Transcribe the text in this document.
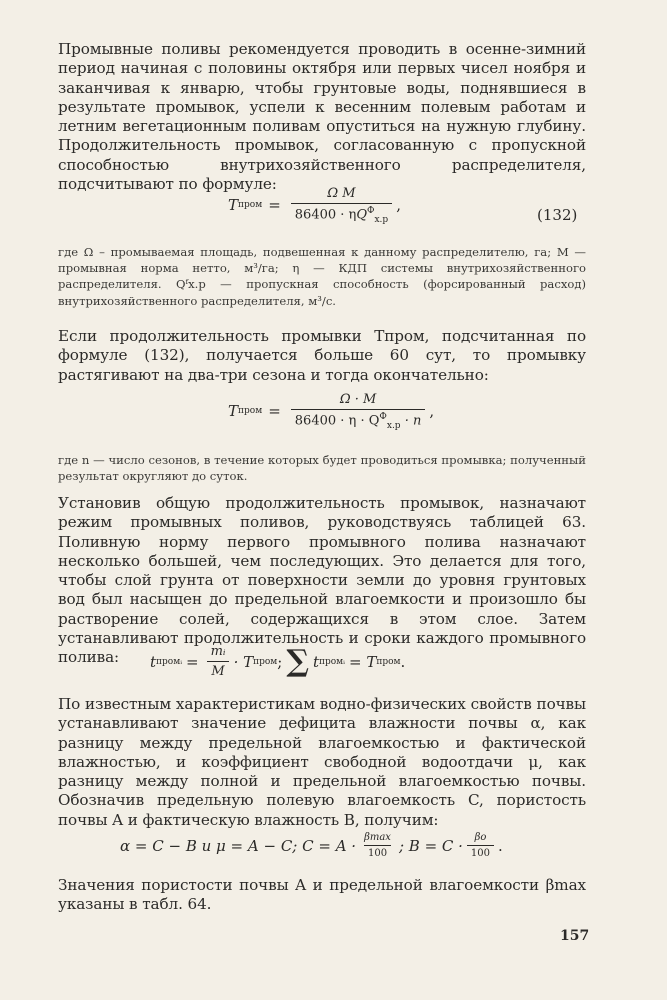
Промывные поливы рекомендуется проводить в осенне-зимний период начиная с половины октября или первых чисел ноября и заканчивая к январю, чтобы грунтовые воды, поднявшиеся в результате промывок, успели к весенним полевым работам и летним вегетационным поливам опуститься на нужную глубину. Продолжительность промывок, согласованную с пропускной способностью внутрихозяйственного распределителя, подсчитывают по формуле:

T пром = $\frac{\text{Ω M}}{86400 \cdot \eta Q^Ф_{х.р}}$ ,
(132)

где Ω – промываемая площадь, подвешенная к данному распределителю, га; M — промывная норма нетто, м³/га; η — КДП системы внутрихозяйственного распределителя. Qᶠх.р — пропускная способность (форсированный расход) внутрихозяйственного распределителя, м³/с.

Если продолжительность промывки Tпром, подсчитанная по формуле (132), получается больше 60 сут, то промывку растягивают на два-три сезона и тогда окончательно:

T пром = $\frac{\Omega \cdot M}{86400 \cdot \eta \cdot Q^Ф_{х.р} \cdot n}$ ,

где n — число сезонов, в течение которых будет проводиться промывка; полученный результат округляют до суток.

Установив общую продолжительность промывок, назначают режим промывных поливов, руководствуясь таблицей 63. Поливную норму первого промывного полива назначают несколько большей, чем последующих. Это делается для того, чтобы слой грунта от поверхности земли до уровня грунтовых вод был насыщен до предельной влагоемкости и произошло бы растворение солей, содержащихся в этом слое. Затем устанавливают продолжительность и сроки каждого промывного полива:	t промᵢ = $\frac{\text{mᵢ}}{M} \cdot T$ пром ; ∑ t промᵢ = T пром .

По известным характеристикам водно-физических свойств почвы устанавливают значение дефицита влажности почвы α, как разницу между предельной влагоемкостью и фактической влажностью, и коэффициент свободной водоотдачи μ, как разницу между полной и предельной влагоемкостью почвы. Обозначив предельную полевую влагоемкость C, пористость почвы A и фактическую влажность B, получим:

α = C − B и μ = A − C; $C = A \cdot \frac{\beta\max}{100}$ ; $B = C \cdot \frac{\beta o}{100}$ .

Значения пористости почвы A и предельной влагоемкости βmax указаны в табл. 64.

157
